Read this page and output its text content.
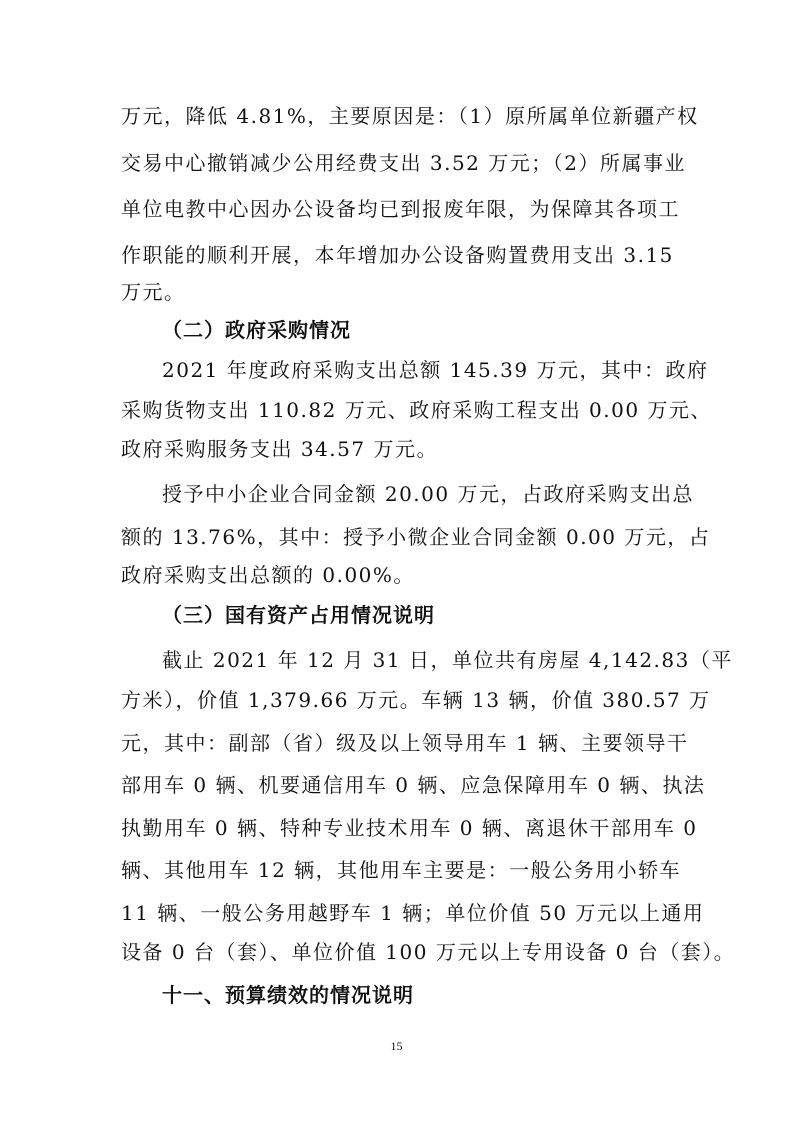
万元，降低 4.81%，主要原因是：（1）原所属单位新疆产权
交易中心撤销减少公用经费支出 3.52 万元；（2）所属事业
单位电教中心因办公设备均已到报废年限，为保障其各项工
作职能的顺利开展，本年增加办公设备购置费用支出 3.15
万元。
（二）政府采购情况
2021 年度政府采购支出总额 145.39 万元，其中：政府
采购货物支出 110.82 万元、政府采购工程支出 0.00 万元、
政府采购服务支出 34.57 万元。
授予中小企业合同金额 20.00 万元，占政府采购支出总
额的 13.76%，其中：授予小微企业合同金额 0.00 万元，占
政府采购支出总额的 0.00%。
（三）国有资产占用情况说明
截止 2021 年 12 月 31 日，单位共有房屋 4,142.83（平
方米），价值 1,379.66 万元。车辆 13 辆，价值 380.57 万
元，其中：副部（省）级及以上领导用车 1 辆、主要领导干
部用车 0 辆、机要通信用车 0 辆、应急保障用车 0 辆、执法
执勤用车 0 辆、特种专业技术用车 0 辆、离退休干部用车 0
辆、其他用车 12 辆，其他用车主要是：一般公务用小轿车
11 辆、一般公务用越野车 1 辆；单位价值 50 万元以上通用
设备 0 台（套）、单位价值 100 万元以上专用设备 0 台（套）。
十一、预算绩效的情况说明
15
